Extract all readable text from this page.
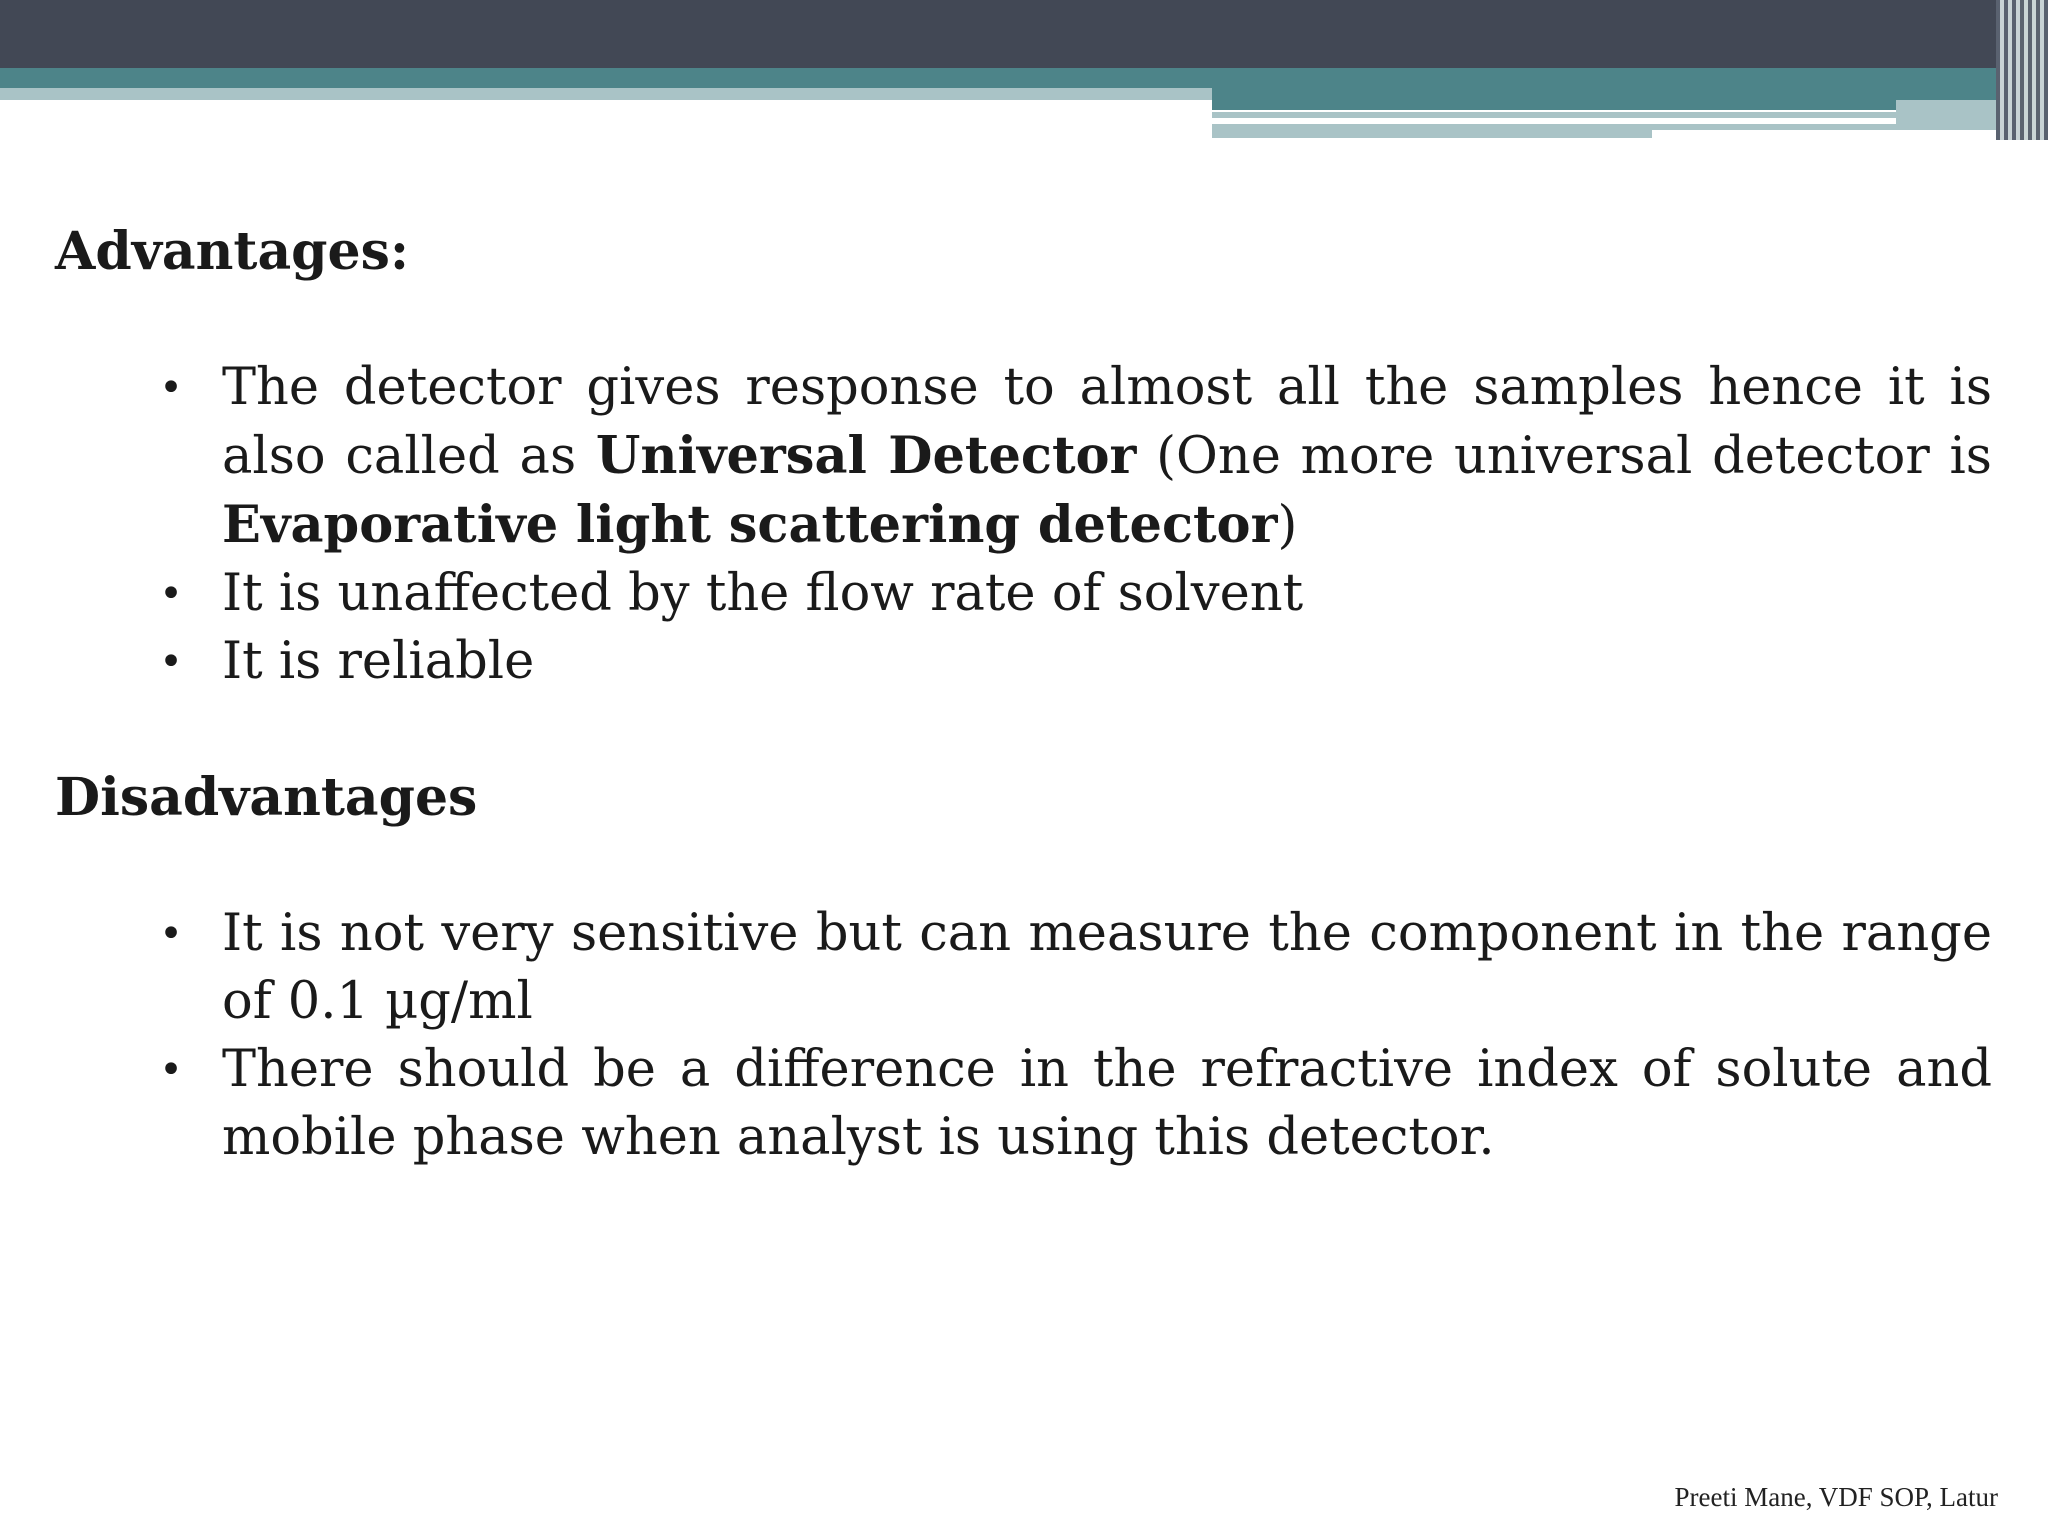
Advantages:
• The detector gives response to almost all the samples hence it is also called as Universal Detector (One more universal detector is Evaporative light scattering detector)
• It is unaffected by the flow rate of solvent
• It is reliable
Disadvantages
• It is not very sensitive but can measure the component in the range of 0.1 µg/ml
• There should be a difference in the refractive index of solute and mobile phase when analyst is using this detector.
Preeti Mane, VDF SOP, Latur
